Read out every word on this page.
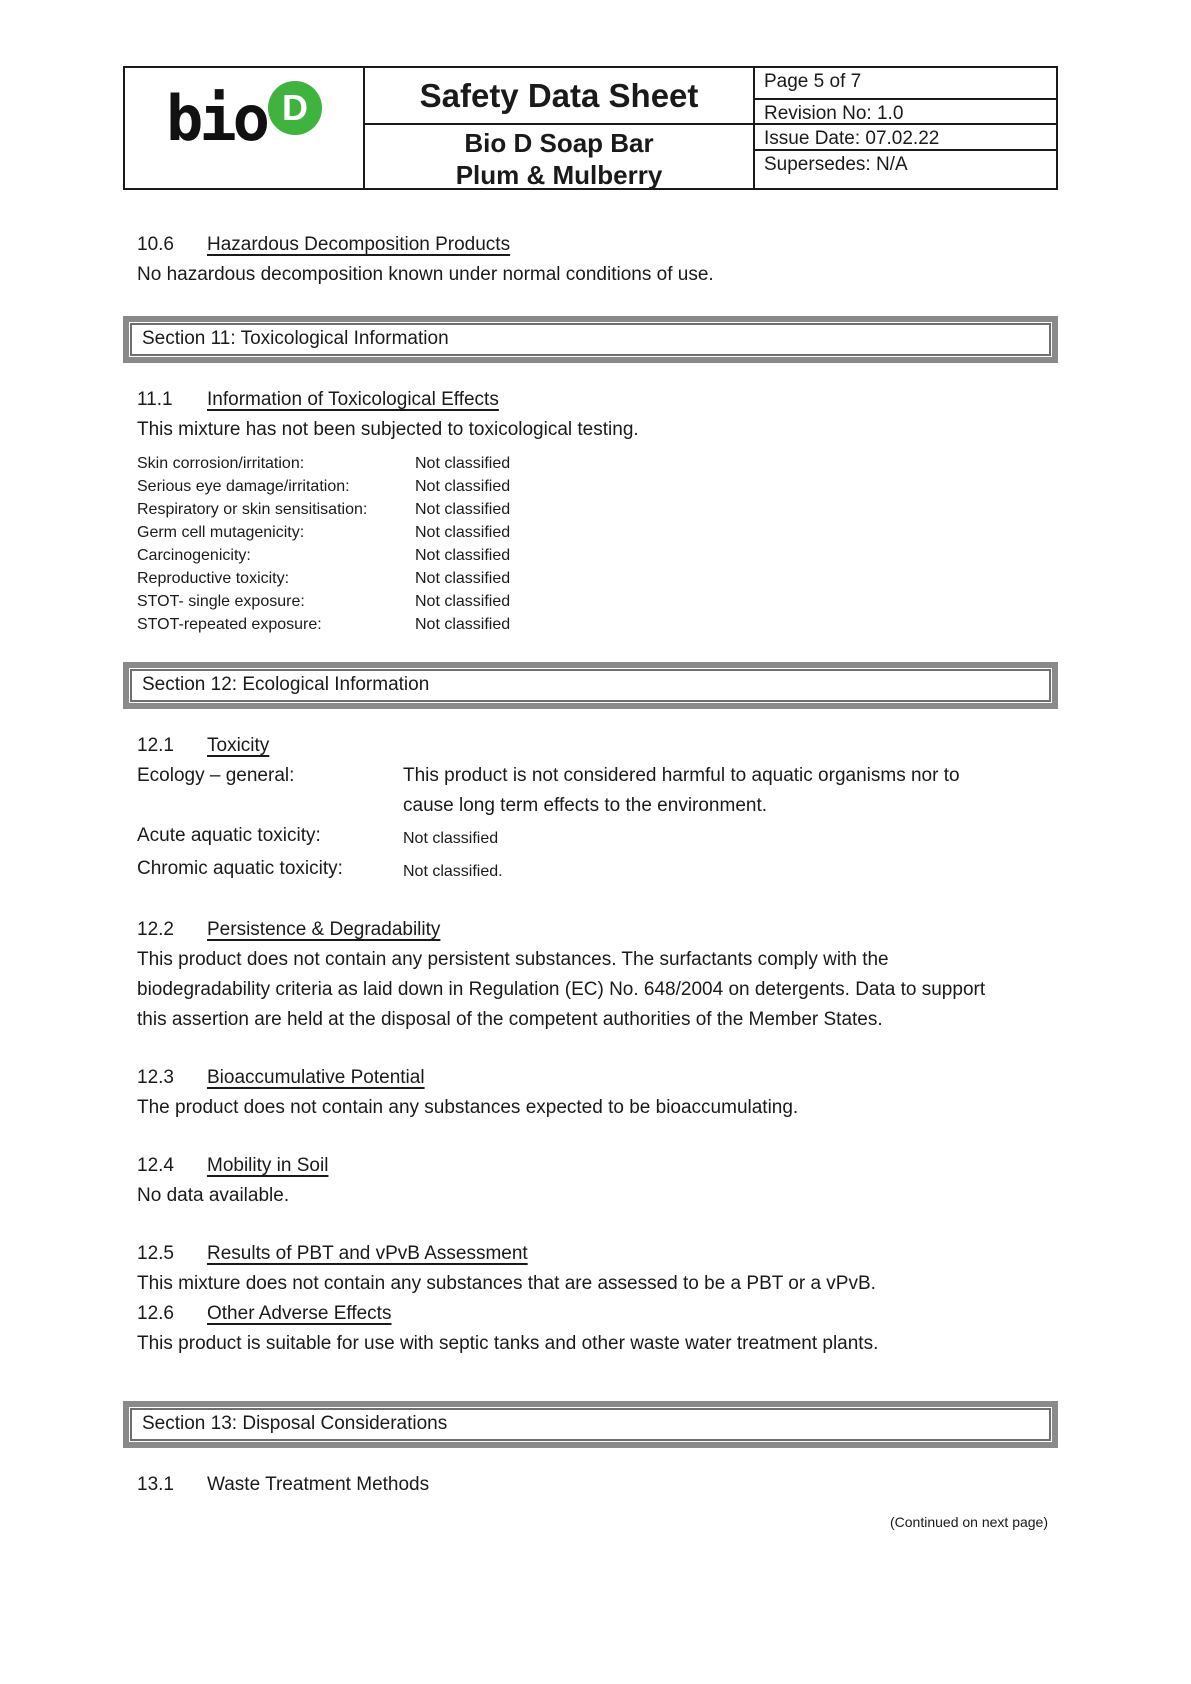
bio D	Safety Data Sheet
Bio D Soap Bar
Plum & Mulberry
Page 5 of 7
Revision No: 1.0
Issue Date: 07.02.22
Supersedes: N/A
10.6	Hazardous Decomposition Products
No hazardous decomposition known under normal conditions of use.
Section 11: Toxicological Information
11.1	Information of Toxicological Effects
This mixture has not been subjected to toxicological testing.
Skin corrosion/irritation:	Not classified
Serious eye damage/irritation:	Not classified
Respiratory or skin sensitisation:	Not classified
Germ cell mutagenicity:	Not classified
Carcinogenicity:	Not classified
Reproductive toxicity:	Not classified
STOT- single exposure:	Not classified
STOT-repeated exposure:	Not classified
Section 12: Ecological Information
12.1	Toxicity
Ecology – general:	This product is not considered harmful to aquatic organisms nor to cause long term effects to the environment.
Acute aquatic toxicity:	Not classified
Chromic aquatic toxicity:	Not classified.
12.2	Persistence & Degradability
This product does not contain any persistent substances. The surfactants comply with the biodegradability criteria as laid down in Regulation (EC) No. 648/2004 on detergents. Data to support this assertion are held at the disposal of the competent authorities of the Member States.
12.3	Bioaccumulative Potential
The product does not contain any substances expected to be bioaccumulating.
12.4	Mobility in Soil
No data available.
12.5	Results of PBT and vPvB Assessment
This mixture does not contain any substances that are assessed to be a PBT or a vPvB.
12.6	Other Adverse Effects
This product is suitable for use with septic tanks and other waste water treatment plants.
Section 13: Disposal Considerations
13.1	Waste Treatment Methods
(Continued on next page)
